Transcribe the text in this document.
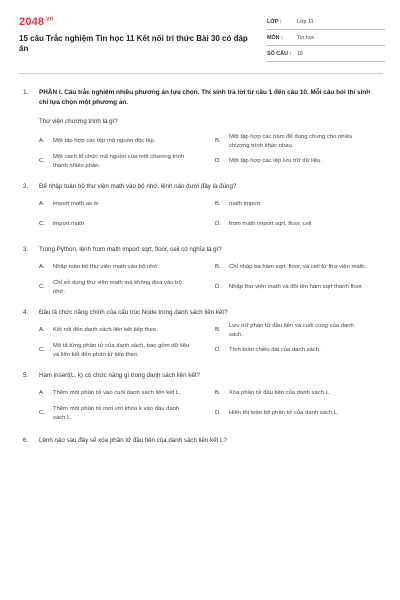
$2048^{.vn}$
15 câu Trắc nghiệm Tin học 11 Kết nối tri thức Bài 30 có đáp án
LỚP :	Lớp 11
MÔN :	Tin học
SỐ CÂU :	15
1.	PHẦN I. Câu trắc nghiệm nhiều phương án lựa chọn. Thí sinh trả lời từ câu 1 đến câu 10. Mỗi câu hỏi thí sinh chỉ lựa chọn một phương án.
Thư viện chương trình là gì?
A.	Một tập hợp các tệp mã nguồn độc lập.	B.
Một tập hợp các hàm để dùng chung cho nhiều chương trình khác nhau.
C.
Một cách tổ chức mã nguồn của một chương trình thành nhiều phần.
D.	Một tập hợp các tệp lưu trữ dữ liệu.
2.	Để nhập toàn bộ thư viện math vào bộ nhớ, lệnh nào dưới đây là đúng?
A.	import math as m	B.	math import
C.	import math	D.	from math import sqrt, floor, ceil
3.	Trong Python, lệnh from math import sqrt, floor, ceil có nghĩa là gì?
A.	Nhập toàn bộ thư viện math vào bộ nhớ.	B.	Chỉ nhập ba hàm sqrt, floor, và ceil từ thư viện math.
C.
Chỉ sử dụng thư viện math mà không đưa vào bộ nhớ.
D.	Nhập thư viện math và đổi tên hàm sqrt thành floor.
4.	Đâu là chức năng chính của cấu trúc Node trong danh sách liên kết?
A.	Kết nối đến danh sách liên kết tiếp theo.	B.
Lưu trữ phần tử đầu tiên và cuối cùng của danh sách.
C.
Mô tả từng phần tử của danh sách, bao gồm dữ liệu và liên kết đến phần tử tiếp theo.
D.	Tính toán chiều dài của danh sách.
5.	Hàm insert(L, k) có chức năng gì trong danh sách liên kết?
A.	Thêm một phần tử vào cuối danh sách liên kết L.	B.	Xóa phần tử đầu tiên của danh sách L.
C.
Thêm một phần tử mới với khóa k vào đầu danh sách L.
D.	Hiển thị toàn bộ phần tử của danh sách L.
6.	Lệnh nào sau đây sẽ xóa phần tử đầu tiên của danh sách liên kết L?
